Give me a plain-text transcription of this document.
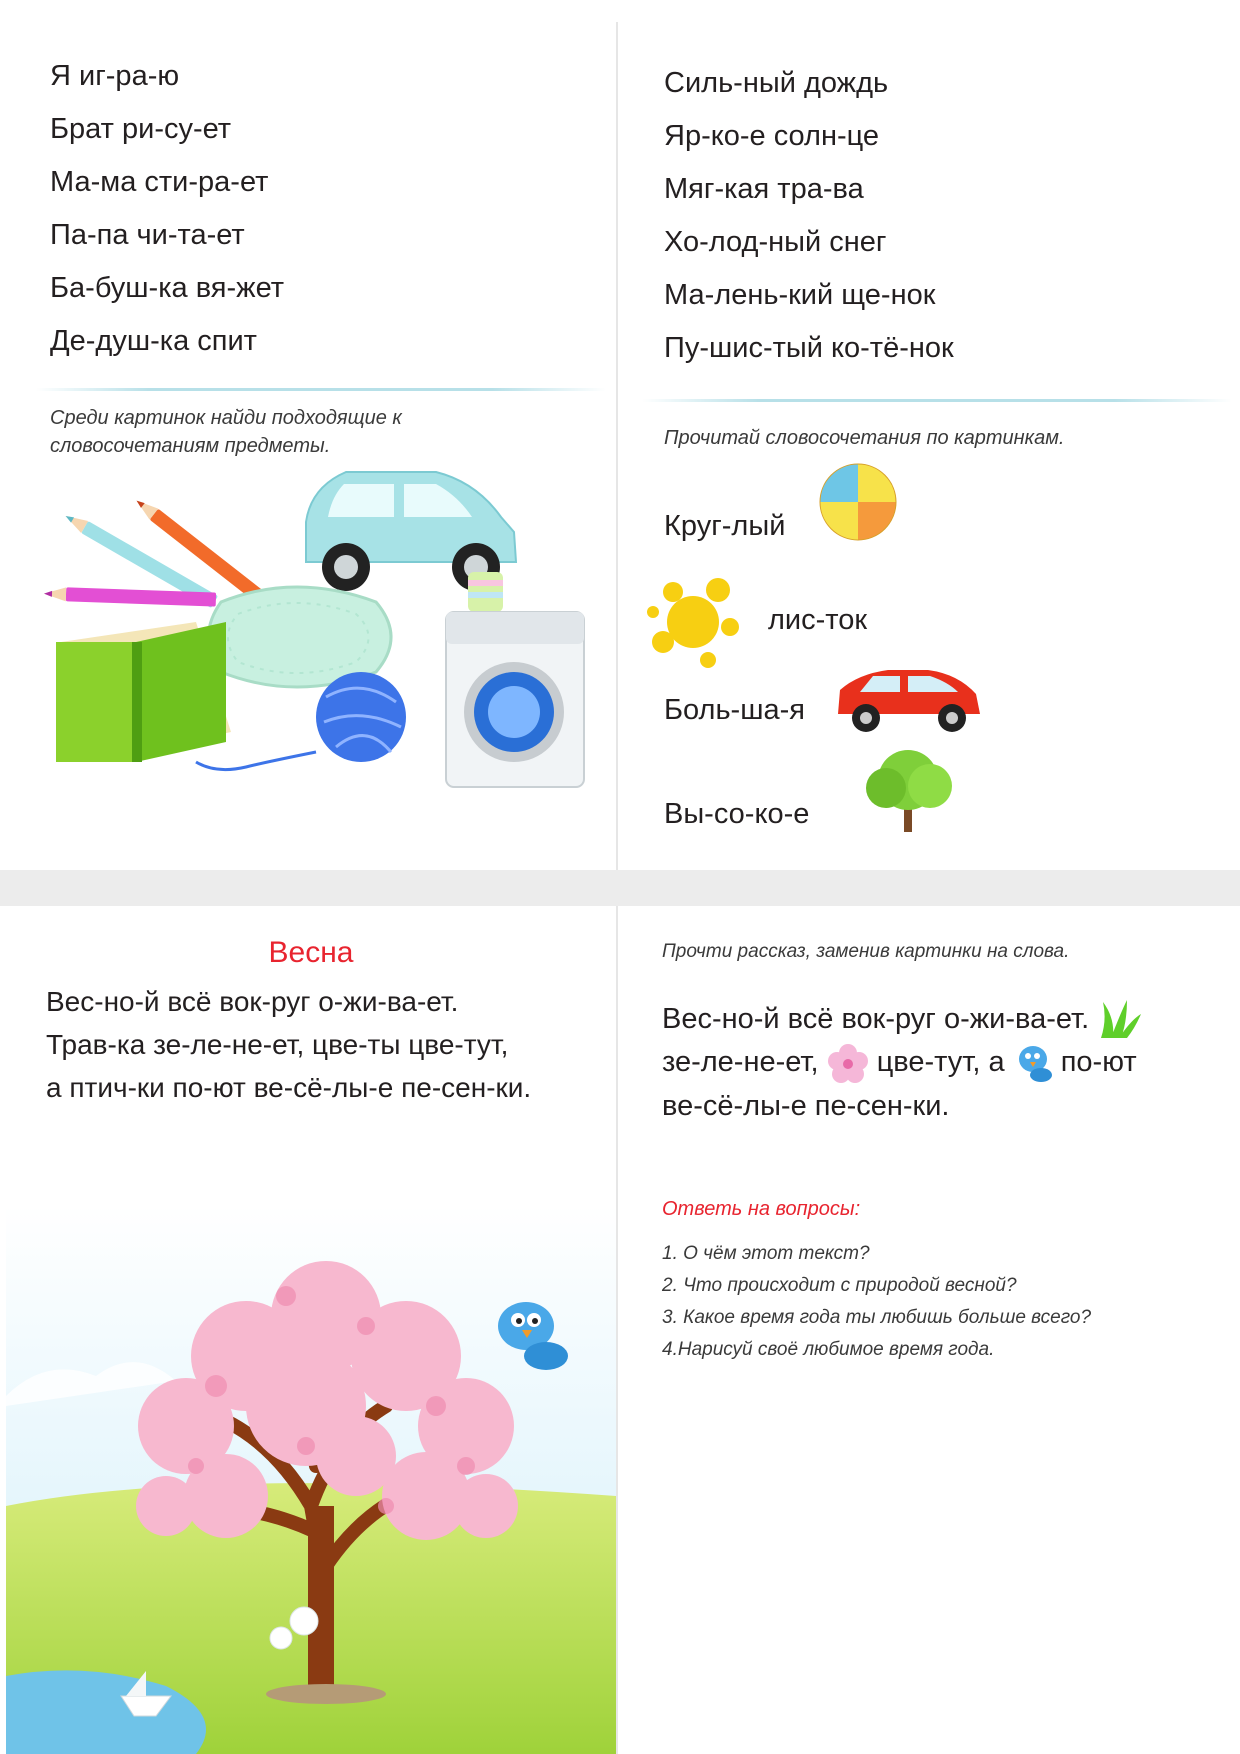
Я иг-ра-ю
Брат ри-су-ет
Ма-ма сти-ра-ет
Па-па чи-та-ет
Ба-буш-ка вя-жет
Де-душ-ка спит
Среди картинок найди подходящие к словосочетаниям предметы.
Силь-ный дождь
Яр-ко-е солн-це
Мяг-кая тра-ва
Хо-лод-ный снег
Ма-лень-кий ще-нок
Пу-шис-тый ко-тё-нок
Прочитай словосочетания по картинкам.
Круг-лый
лис-ток
Боль-ша-я
Вы-со-ко-е
Весна
Вес-но-й всё вок-руг о-жи-ва-ет.
Трав-ка зе-ле-не-ет, цве-ты цве-тут,
а птич-ки по-ют ве-сё-лы-е пе-сен-ки.
Прочти рассказ, заменив картинки на слова.
Вес-но-й всё вок-руг о-жи-ва-ет.
зе-ле-не-ет, цве-тут, а по-ют
ве-сё-лы-е пе-сен-ки.
Ответь на вопросы:
1. О чём этот текст?
2. Что происходит с природой весной?
3. Какое время года ты любишь больше всего?
4.Нарисуй своё любимое время года.
